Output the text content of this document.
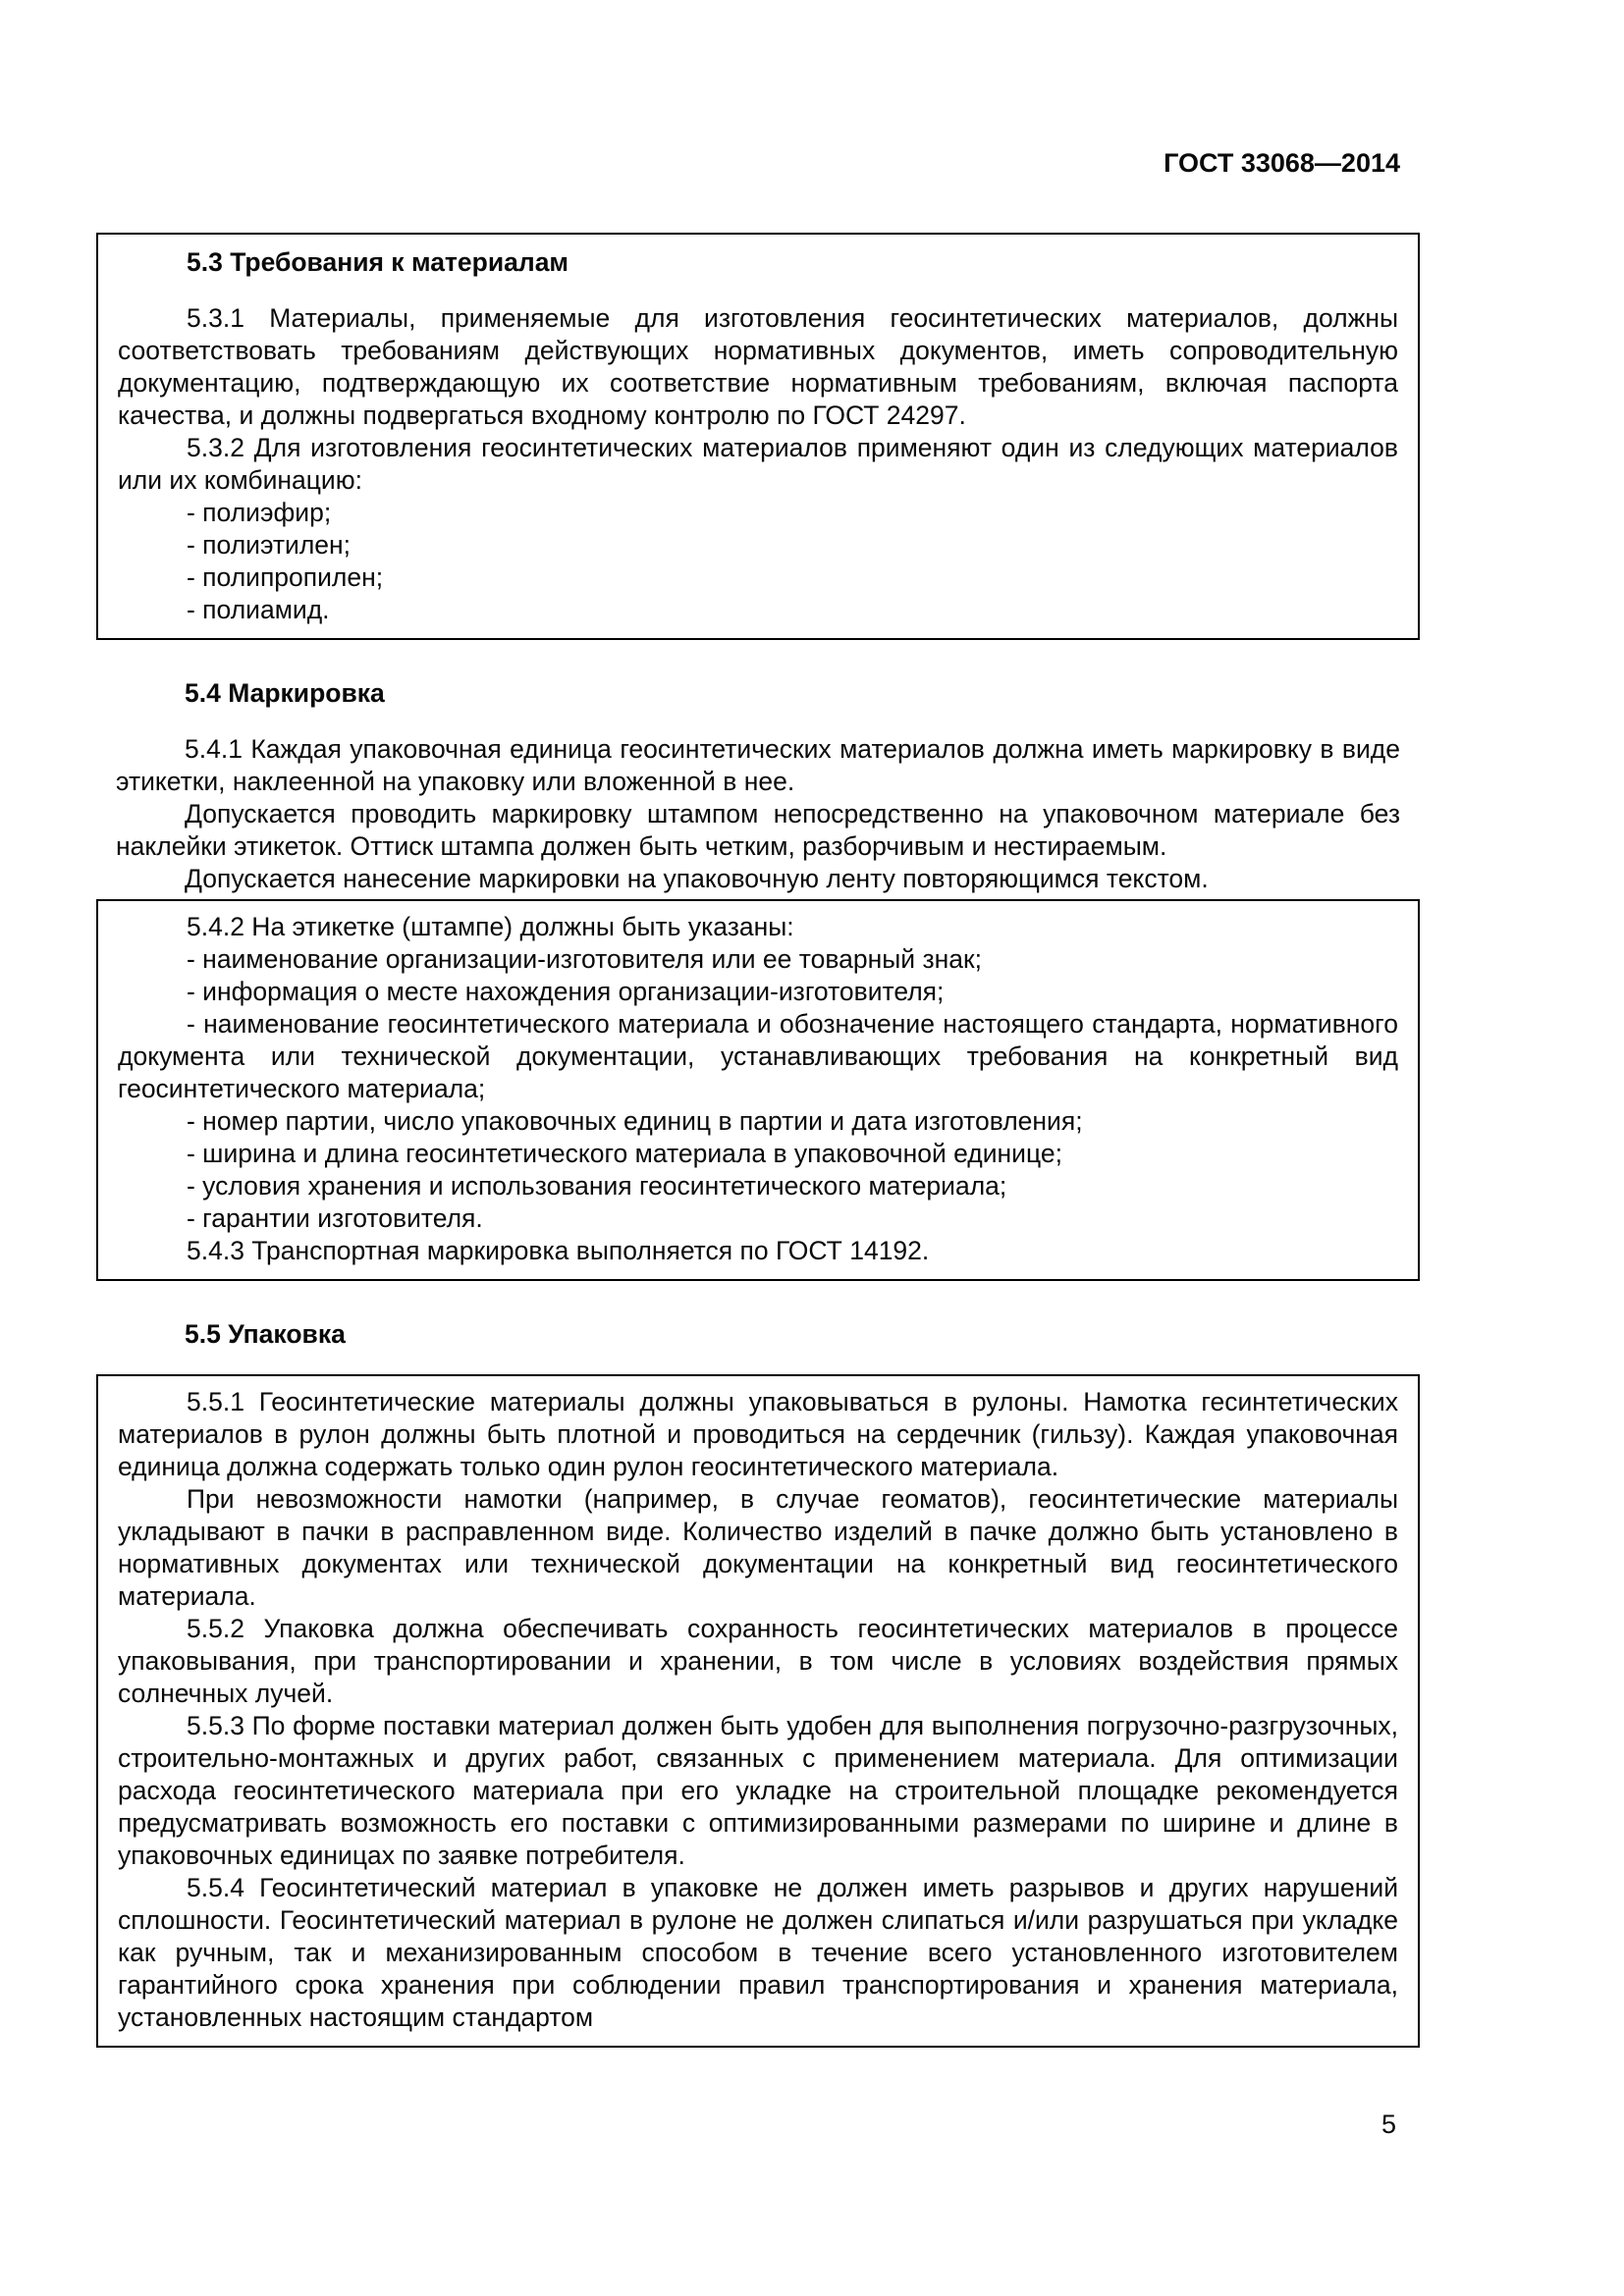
ГОСТ 33068—2014
5.3 Требования к материалам

5.3.1 Материалы, применяемые для изготовления геосинтетических материалов, должны соответствовать требованиям действующих нормативных документов, иметь сопроводительную документацию, подтверждающую их соответствие нормативным требованиям, включая паспорта качества, и должны подвергаться входному контролю по ГОСТ 24297.

5.3.2 Для изготовления геосинтетических материалов применяют один из следующих материалов или их комбинацию:

- полиэфир;

- полиэтилен;

- полипропилен;

- полиамид.

5.4 Маркировка

5.4.1 Каждая упаковочная единица геосинтетических материалов должна иметь маркировку в виде этикетки, наклеенной на упаковку или вложенной в нее.

Допускается проводить маркировку штампом непосредственно на упаковочном материале без наклейки этикеток. Оттиск штампа должен быть четким, разборчивым и нестираемым.

Допускается нанесение маркировки на упаковочную ленту повторяющимся текстом.

5.4.2 На этикетке (штампе) должны быть указаны:

- наименование организации-изготовителя или ее товарный знак;

- информация о месте нахождения организации-изготовителя;

- наименование геосинтетического материала и обозначение настоящего стандарта, нормативного документа или технической документации, устанавливающих требования на конкретный вид геосинтетического материала;

- номер партии, число упаковочных единиц в партии и дата изготовления;

- ширина и длина геосинтетического материала в упаковочной единице;

- условия хранения и использования геосинтетического материала;

- гарантии изготовителя.

5.4.3 Транспортная маркировка выполняется по ГОСТ 14192.

5.5 Упаковка

5.5.1 Геосинтетические материалы должны упаковываться в рулоны. Намотка гесинтетических материалов в рулон должны быть плотной и проводиться на сердечник (гильзу). Каждая упаковочная единица должна содержать только один рулон геосинтетического материала.

При невозможности намотки (например, в случае геоматов), геосинтетические материалы укладывают в пачки в расправленном виде. Количество изделий в пачке должно быть установлено в нормативных документах или технической документации на конкретный вид геосинтетического материала.

5.5.2 Упаковка должна обеспечивать сохранность геосинтетических материалов в процессе упаковывания, при транспортировании и хранении, в том числе в условиях воздействия прямых солнечных лучей.

5.5.3 По форме поставки материал должен быть удобен для выполнения погрузочно-разгрузочных, строительно-монтажных и других работ, связанных с применением материала. Для оптимизации расхода геосинтетического материала при его укладке на строительной площадке рекомендуется предусматривать возможность его поставки с оптимизированными размерами по ширине и длине в упаковочных единицах по заявке потребителя.

5.5.4 Геосинтетический материал в упаковке не должен иметь разрывов и других нарушений сплошности. Геосинтетический материал в рулоне не должен слипаться и/или разрушаться при укладке как ручным, так и механизированным способом в течение всего установленного изготовителем гарантийного срока хранения при соблюдении правил транспортирования и хранения материала, установленных настоящим стандартом

5
